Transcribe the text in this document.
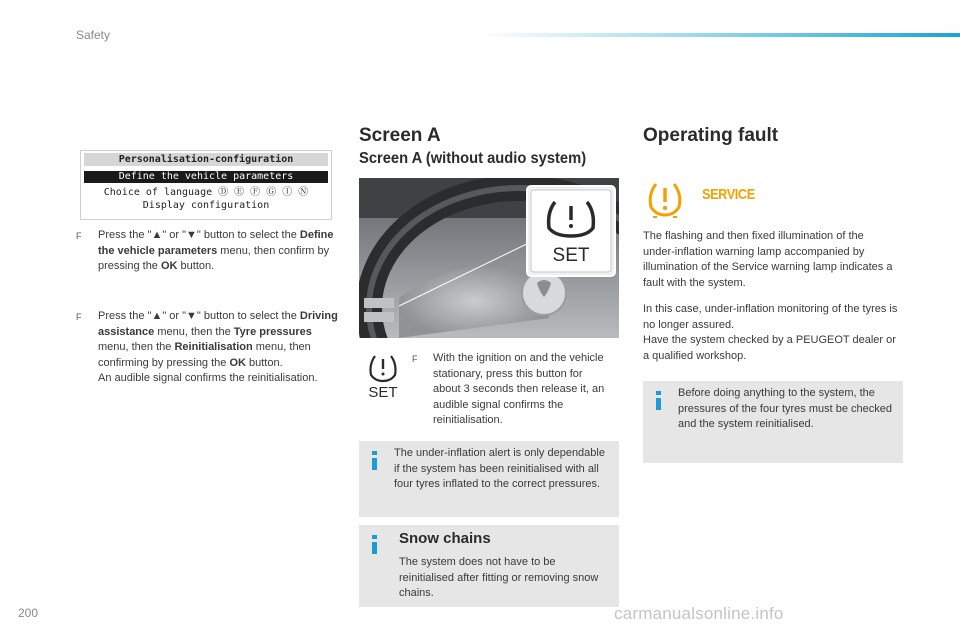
Safety
Personalisation-configuration
Define the vehicle parameters
Choice of language Ⓓ Ⓔ Ⓕ Ⓖ Ⓘ Ⓝ
Display configuration
F Press the "▲" or "▼" button to select the Define the vehicle parameters menu, then confirm by pressing the OK button.
F Press the "▲" or "▼" button to select the Driving assistance menu, then the Tyre pressures menu, then the Reinitialisation menu, then confirming by pressing the OK button.
An audible signal confirms the reinitialisation.
Screen A
Screen A (without audio system)
SET
SET
F With the ignition on and the vehicle stationary, press this button for about 3 seconds then release it, an audible signal confirms the reinitialisation.
The under-inflation alert is only dependable if the system has been reinitialised with all four tyres inflated to the correct pressures.
Snow chains
The system does not have to be reinitialised after fitting or removing snow chains.
Operating fault
SERVICE
The flashing and then fixed illumination of the under-inflation warning lamp accompanied by illumination of the Service warning lamp indicates a fault with the system.
In this case, under-inflation monitoring of the tyres is no longer assured.
Have the system checked by a PEUGEOT dealer or a qualified workshop.
Before doing anything to the system, the pressures of the four tyres must be checked and the system reinitialised.
200	carmanualsonline.info
